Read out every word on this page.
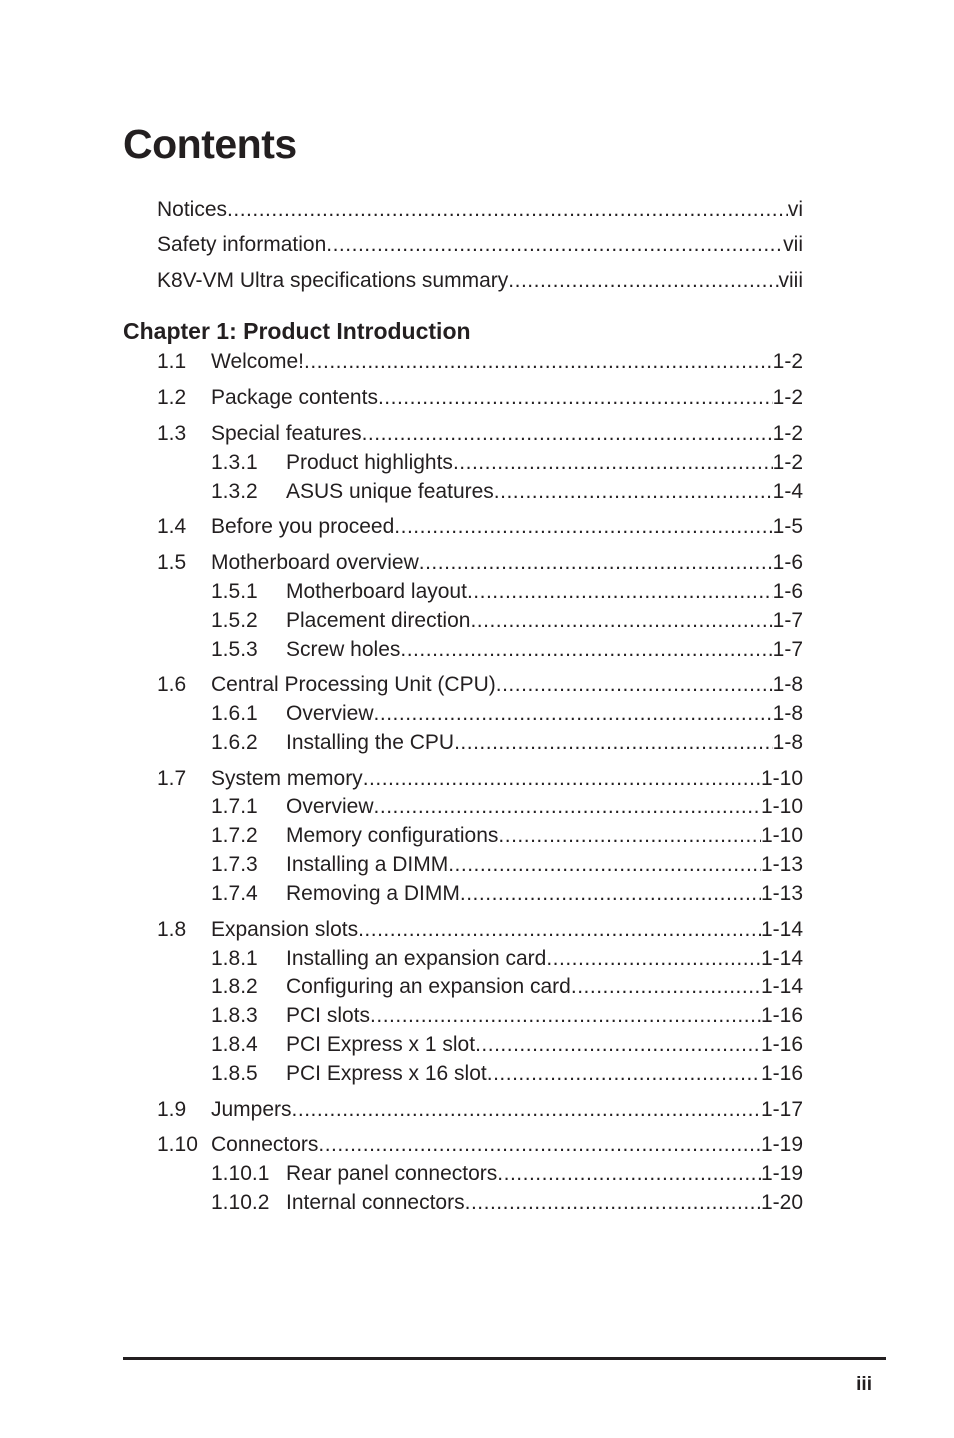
Contents
Notices .....	vi
Safety information .....	vii
K8V-VM Ultra specifications summary .....	viii
Chapter 1: Product Introduction
1.1 Welcome! .....	1-2
1.2 Package contents .....	1-2
1.3 Special features .....	1-2
1.3.1 Product highlights .....	1-2
1.3.2 ASUS unique features .....	1-4
1.4 Before you proceed .....	1-5
1.5 Motherboard overview .....	1-6
1.5.1 Motherboard layout .....	1-6
1.5.2 Placement direction .....	1-7
1.5.3 Screw holes .....	1-7
1.6 Central Processing Unit (CPU) .....	1-8
1.6.1 Overview .....	1-8
1.6.2 Installing the CPU .....	1-8
1.7 System memory .....	1-10
1.7.1 Overview .....	1-10
1.7.2 Memory configurations .....	1-10
1.7.3 Installing a DIMM .....	1-13
1.7.4 Removing a DIMM .....	1-13
1.8 Expansion slots .....	1-14
1.8.1 Installing an expansion card .....	1-14
1.8.2 Configuring an expansion card .....	1-14
1.8.3 PCI slots .....	1-16
1.8.4 PCI Express x 1 slot .....	1-16
1.8.5 PCI Express x 16 slot .....	1-16
1.9 Jumpers .....	1-17
1.10 Connectors .....	1-19
1.10.1 Rear panel connectors .....	1-19
1.10.2 Internal connectors .....	1-20
iii
